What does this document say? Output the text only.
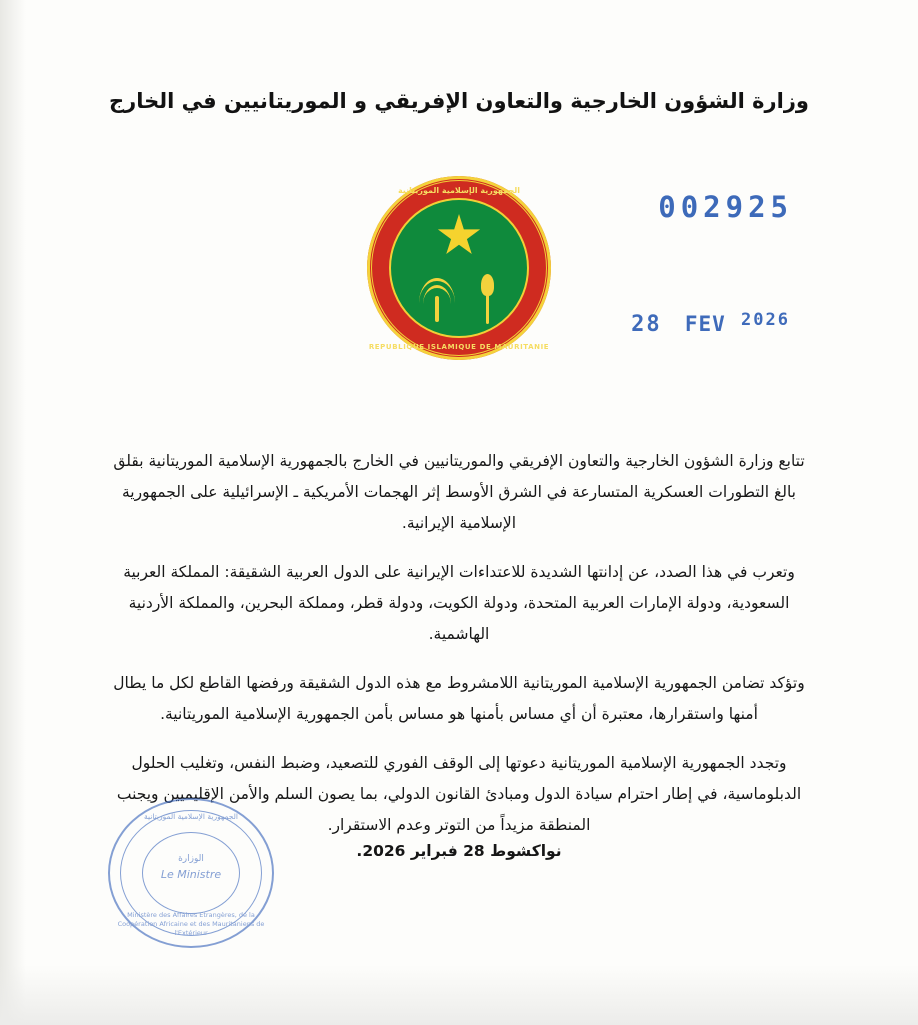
وزارة الشؤون الخارجية والتعاون الإفريقي و الموريتانيين في الخارج
الجمهورية الإسلامية الموريتانية
REPUBLIQUE ISLAMIQUE DE MAURITANIE
002925
28 FEV $^{2026}$

تتابع وزارة الشؤون الخارجية والتعاون الإفريقي والموريتانيين في الخارج بالجمهورية الإسلامية الموريتانية بقلق بالغ التطورات العسكرية المتسارعة في الشرق الأوسط إثر الهجمات الأمريكية ـ الإسرائيلية على الجمهورية الإسلامية الإيرانية.

وتعرب في هذا الصدد، عن إدانتها الشديدة للاعتداءات الإيرانية على الدول العربية الشقيقة: المملكة العربية السعودية، ودولة الإمارات العربية المتحدة، ودولة الكويت، ودولة قطر، ومملكة البحرين، والمملكة الأردنية الهاشمية.

وتؤكد تضامن الجمهورية الإسلامية الموريتانية اللامشروط مع هذه الدول الشقيقة ورفضها القاطع لكل ما يطال أمنها واستقرارها، معتبرة أن أي مساس بأمنها هو مساس بأمن الجمهورية الإسلامية الموريتانية.

وتجدد الجمهورية الإسلامية الموريتانية دعوتها إلى الوقف الفوري للتصعيد، وضبط النفس، وتغليب الحلول الدبلوماسية، في إطار احترام سيادة الدول ومبادئ القانون الدولي، بما يصون السلم والأمن الإقليميين ويجنب المنطقة مزيداً من التوتر وعدم الاستقرار.

نواكشوط 28 فبراير 2026.
الجمهورية الإسلامية الموريتانية
الوزارة
Le Ministre
Ministère des Affaires Etrangères, de la Coopération Africaine et des Mauritaniens de l'Extérieur
